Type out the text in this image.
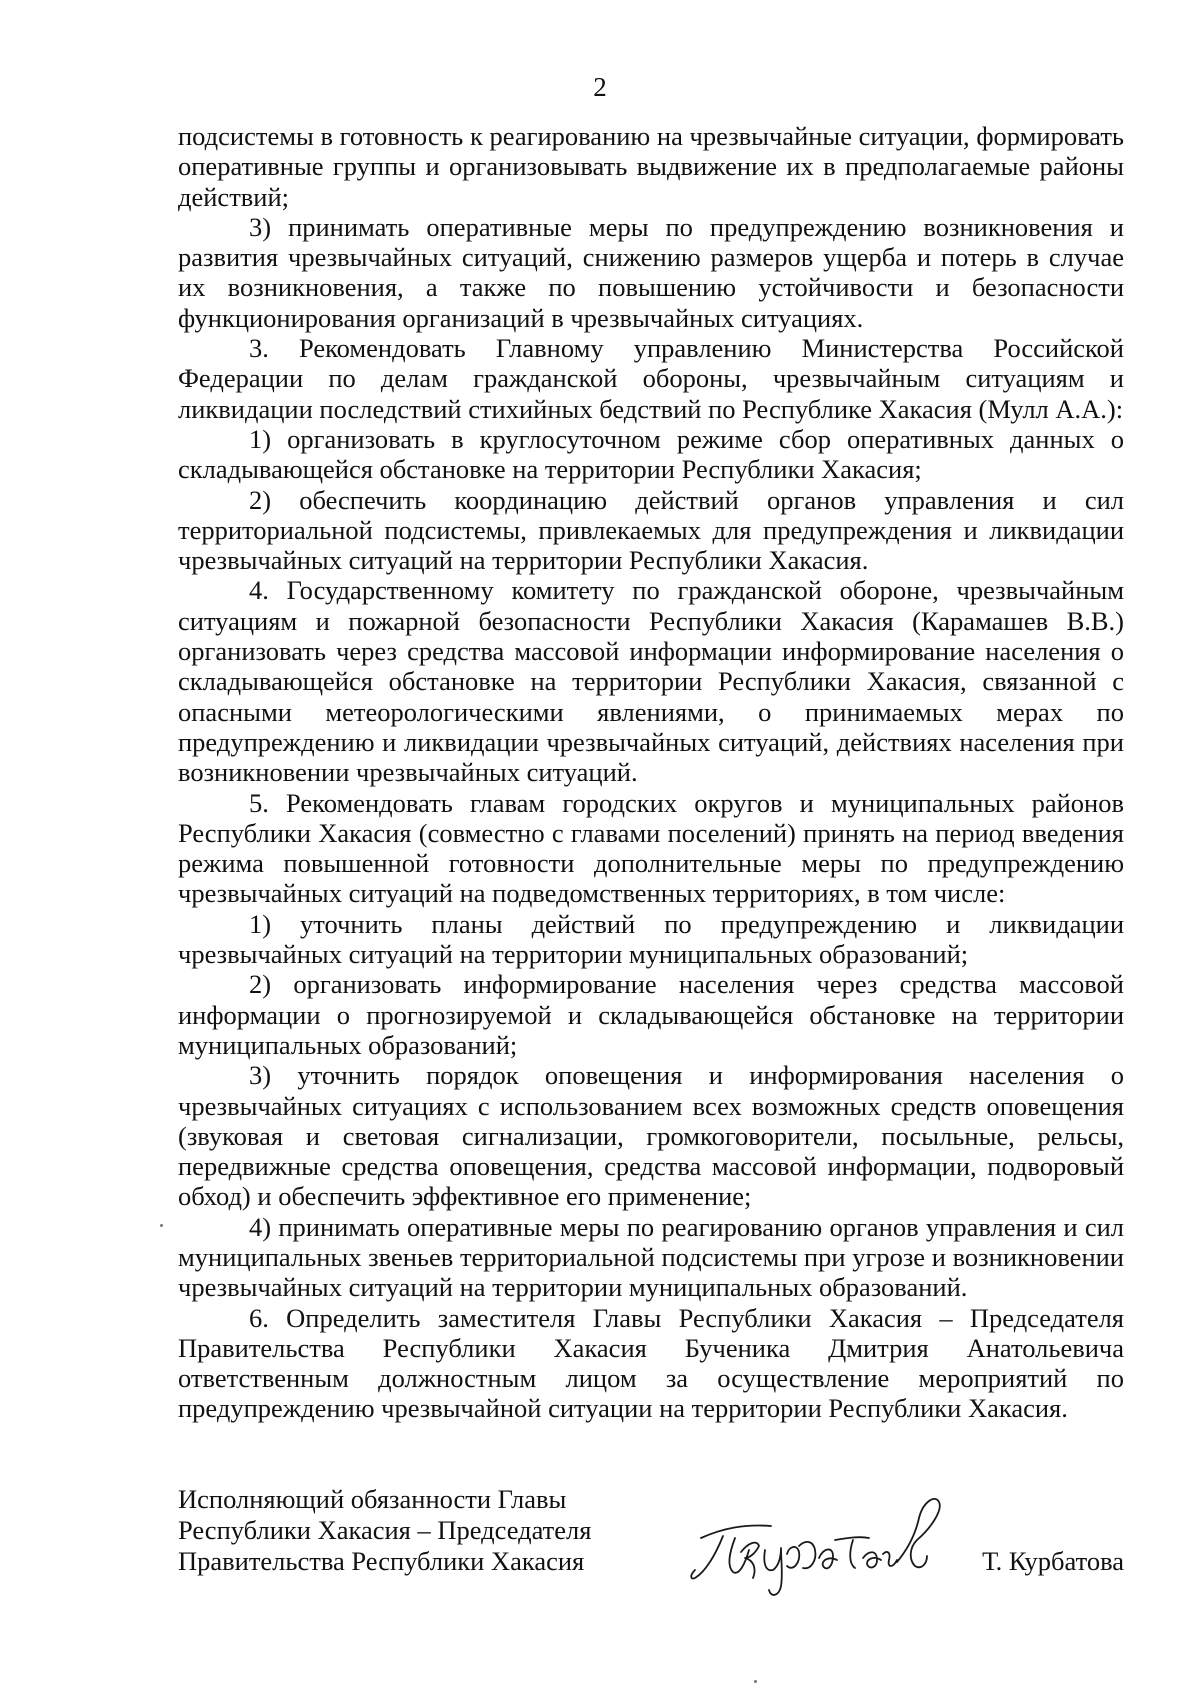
2

подсистемы в готовность к реагированию на чрезвычайные ситуации, формировать оперативные группы и организовывать выдвижение их в предполагаемые районы действий;

3) принимать оперативные меры по предупреждению возникновения и развития чрезвычайных ситуаций, снижению размеров ущерба и потерь в случае их возникновения, а также по повышению устойчивости и безопасности функционирования организаций в чрезвычайных ситуациях.

3. Рекомендовать Главному управлению Министерства Российской Федерации по делам гражданской обороны, чрезвычайным ситуациям и ликвидации последствий стихийных бедствий по Республике Хакасия (Мулл А.А.):

1) организовать в круглосуточном режиме сбор оперативных данных о складывающейся обстановке на территории Республики Хакасия;

2) обеспечить координацию действий органов управления и сил территориальной подсистемы, привлекаемых для предупреждения и ликвидации чрезвычайных ситуаций на территории Республики Хакасия.

4. Государственному комитету по гражданской обороне, чрезвычайным ситуациям и пожарной безопасности Республики Хакасия (Карамашев В.В.) организовать через средства массовой информации информирование населения о складывающейся обстановке на территории Республики Хакасия, связанной с опасными метеорологическими явлениями, о принимаемых мерах по предупреждению и ликвидации чрезвычайных ситуаций, действиях населения при возникновении чрезвычайных ситуаций.

5. Рекомендовать главам городских округов и муниципальных районов Республики Хакасия (совместно с главами поселений) принять на период введения режима повышенной готовности дополнительные меры по предупреждению чрезвычайных ситуаций на подведомственных территориях, в том числе:

1) уточнить планы действий по предупреждению и ликвидации чрезвычайных ситуаций на территории муниципальных образований;

2) организовать информирование населения через средства массовой информации о прогнозируемой и складывающейся обстановке на территории муниципальных образований;

3) уточнить порядок оповещения и информирования населения о чрезвычайных ситуациях с использованием всех возможных средств оповещения (звуковая и световая сигнализации, громкоговорители, посыльные, рельсы, передвижные средства оповещения, средства массовой информации, подворовый обход) и обеспечить эффективное его применение;

4) принимать оперативные меры по реагированию органов управления и сил муниципальных звеньев территориальной подсистемы при угрозе и возникновении чрезвычайных ситуаций на территории муниципальных образований.

6. Определить заместителя Главы Республики Хакасия – Председателя Правительства Республики Хакасия Бученика Дмитрия Анатольевича ответственным должностным лицом за осуществление мероприятий по предупреждению чрезвычайной ситуации на территории Республики Хакасия.

Исполняющий обязанности Главы
Республики Хакасия – Председателя
Правительства Республики Хакасия	Т. Курбатова
